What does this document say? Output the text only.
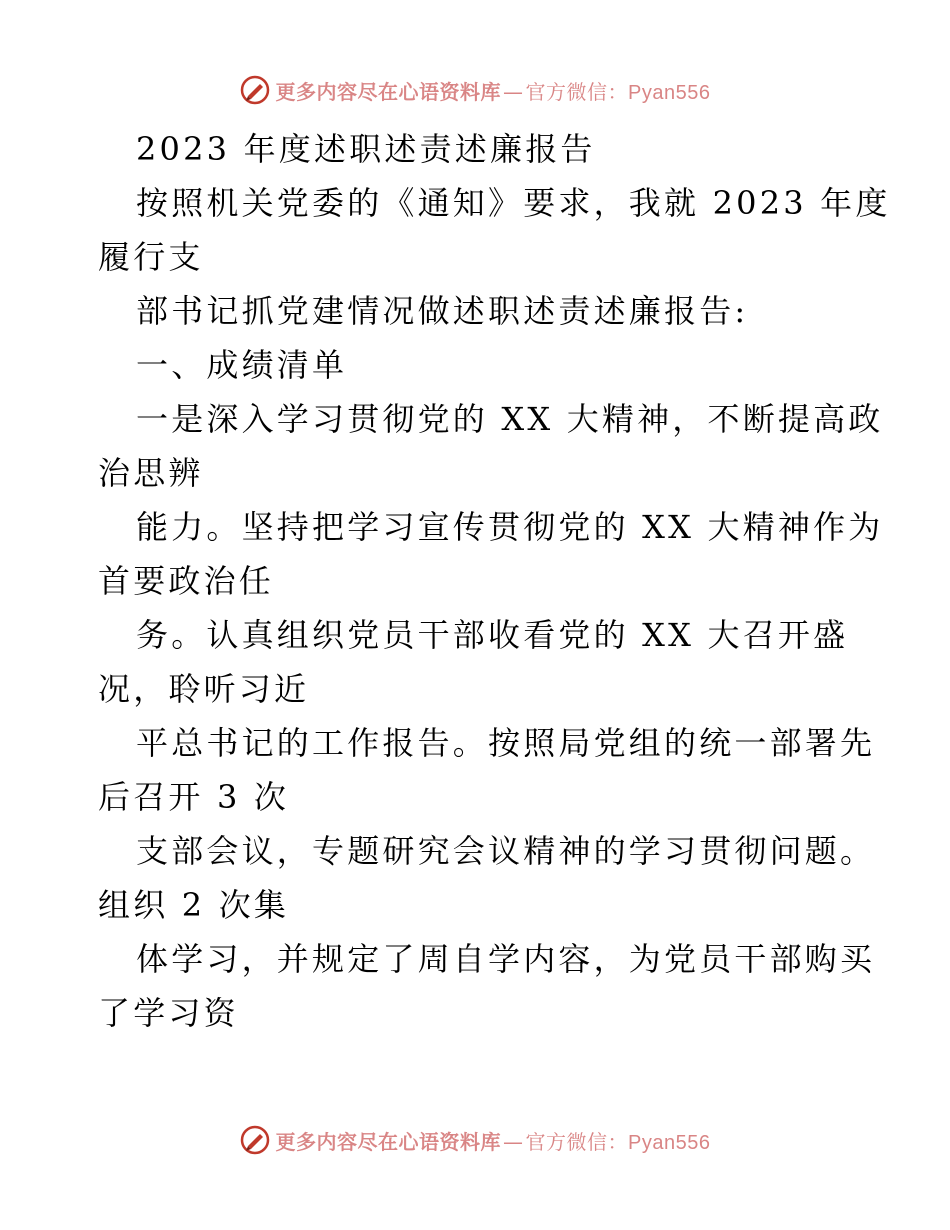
更多内容尽在心语资料库 — 官方微信：Pyan556
2023 年度述职述责述廉报告
按照机关党委的《通知》要求，我就 2023 年度
履行支
部书记抓党建情况做述职述责述廉报告:
一、成绩清单
一是深入学习贯彻党的 XX 大精神，不断提高政
治思辨
能力。坚持把学习宣传贯彻党的 XX 大精神作为
首要政治任
务。认真组织党员干部收看党的 XX 大召开盛
况，聆听习近
平总书记的工作报告。按照局党组的统一部署先
后召开 3 次
支部会议，专题研究会议精神的学习贯彻问题。
组织 2 次集
体学习，并规定了周自学内容，为党员干部购买
了学习资
更多内容尽在心语资料库 — 官方微信：Pyan556
